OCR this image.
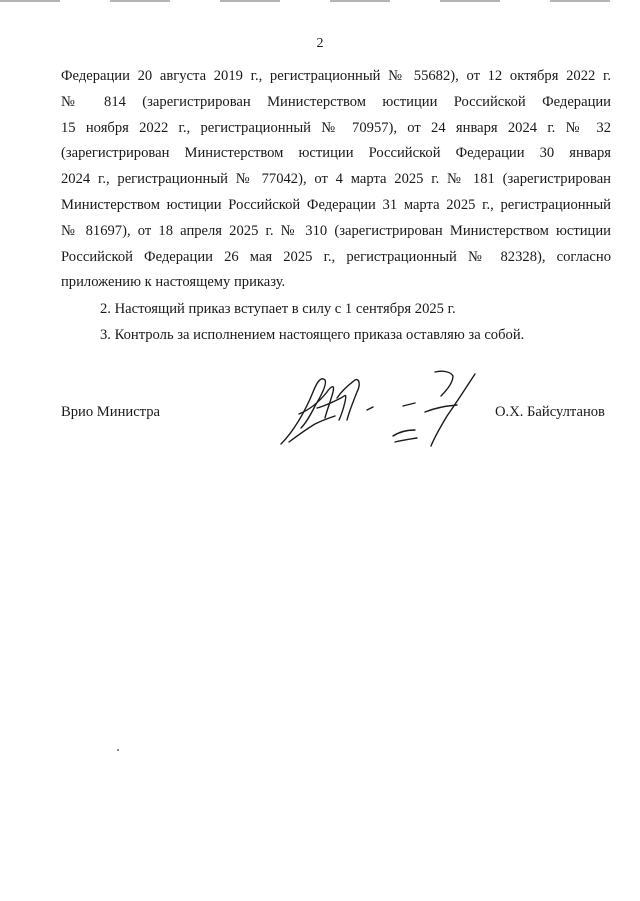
2
Федерации 20 августа 2019 г., регистрационный № 55682), от 12 октября 2022 г.
№ 814 (зарегистрирован Министерством юстиции Российской Федерации
15 ноября 2022 г., регистрационный № 70957), от 24 января 2024 г. № 32
(зарегистрирован Министерством юстиции Российской Федерации 30 января
2024 г., регистрационный № 77042), от 4 марта 2025 г. № 181 (зарегистрирован
Министерством юстиции Российской Федерации 31 марта 2025 г., регистрационный
№ 81697), от 18 апреля 2025 г. № 310 (зарегистрирован Министерством юстиции
Российской Федерации 26 мая 2025 г., регистрационный № 82328), согласно
приложению к настоящему приказу.
2. Настоящий приказ вступает в силу с 1 сентября 2025 г.
3. Контроль за исполнением настоящего приказа оставляю за собой.
Врио Министра	О.Х. Байсултанов
